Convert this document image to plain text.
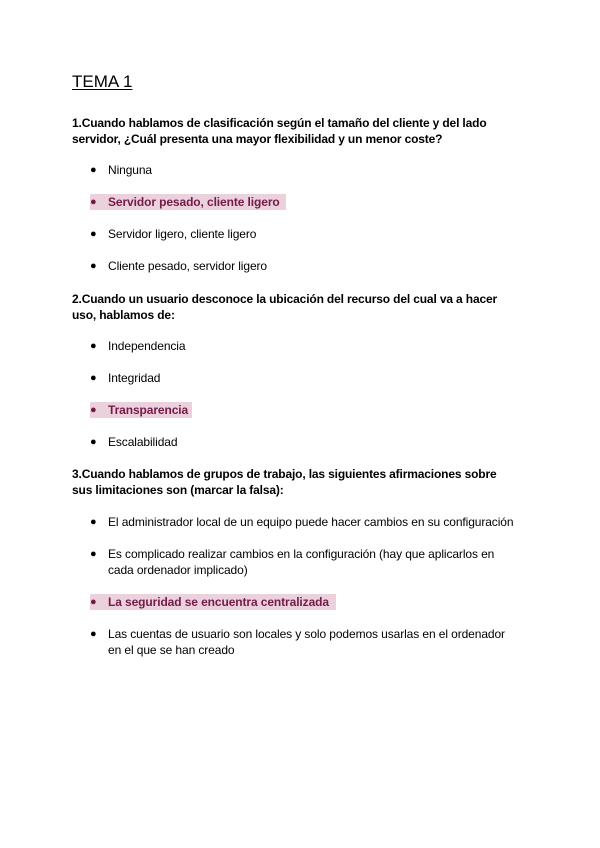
TEMA 1
1.Cuando hablamos de clasificación según el tamaño del cliente y del lado
servidor, ¿Cuál presenta una mayor flexibilidad y un menor coste?
● Ninguna
● Servidor pesado, cliente ligero
● Servidor ligero, cliente ligero
● Cliente pesado, servidor ligero
2.Cuando un usuario desconoce la ubicación del recurso del cual va a hacer
uso, hablamos de:
● Independencia
● Integridad
● Transparencia
● Escalabilidad
3.Cuando hablamos de grupos de trabajo, las siguientes afirmaciones sobre
sus limitaciones son (marcar la falsa):
● El administrador local de un equipo puede hacer cambios en su configuración
● Es complicado realizar cambios en la configuración (hay que aplicarlos en
cada ordenador implicado)
● La seguridad se encuentra centralizada
● Las cuentas de usuario son locales y solo podemos usarlas en el ordenador
en el que se han creado
